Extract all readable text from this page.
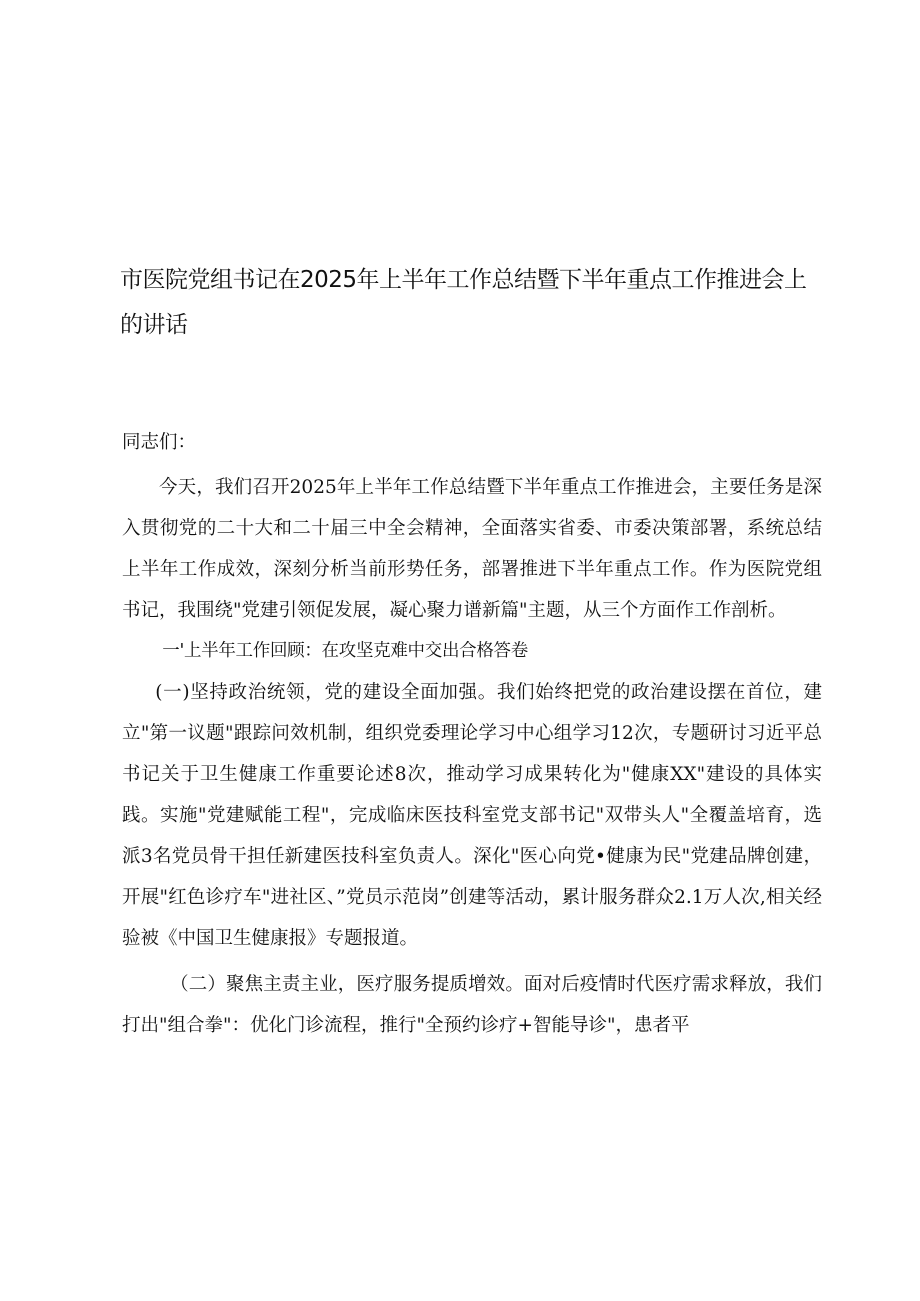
市医院党组书记在2025年上半年工作总结暨下半年重点工作推进会上的讲话

同志们：

今天，我们召开2025年上半年工作总结暨下半年重点工作推进会，主要任务是深入贯彻党的二十大和二十届三中全会精神，全面落实省委、市委决策部署，系统总结上半年工作成效，深刻分析当前形势任务，部署推进下半年重点工作。作为医院党组书记，我围绕"党建引领促发展，凝心聚力谱新篇"主题，从三个方面作工作剖析。

一'上半年工作回顾：在攻坚克难中交出合格答卷

(一)坚持政治统领，党的建设全面加强。我们始终把党的政治建设摆在首位，建立"第一议题"跟踪问效机制，组织党委理论学习中心组学习12次，专题研讨习近平总书记关于卫生健康工作重要论述8次，推动学习成果转化为"健康XX"建设的具体实践。实施"党建赋能工程"，完成临床医技科室党支部书记"双带头人"全覆盖培育，选派3名党员骨干担任新建医技科室负责人。深化"医心向党•健康为民"党建品牌创建，开展"红色诊疗车"进社区、”党员示范岗”创建等活动，累计服务群众2.1万人次,相关经验被《中国卫生健康报》专题报道。

（二）聚焦主责主业，医疗服务提质增效。面对后疫情时代医疗需求释放，我们打出"组合拳"：优化门诊流程，推行"全预约诊疗+智能导诊"，患者平
